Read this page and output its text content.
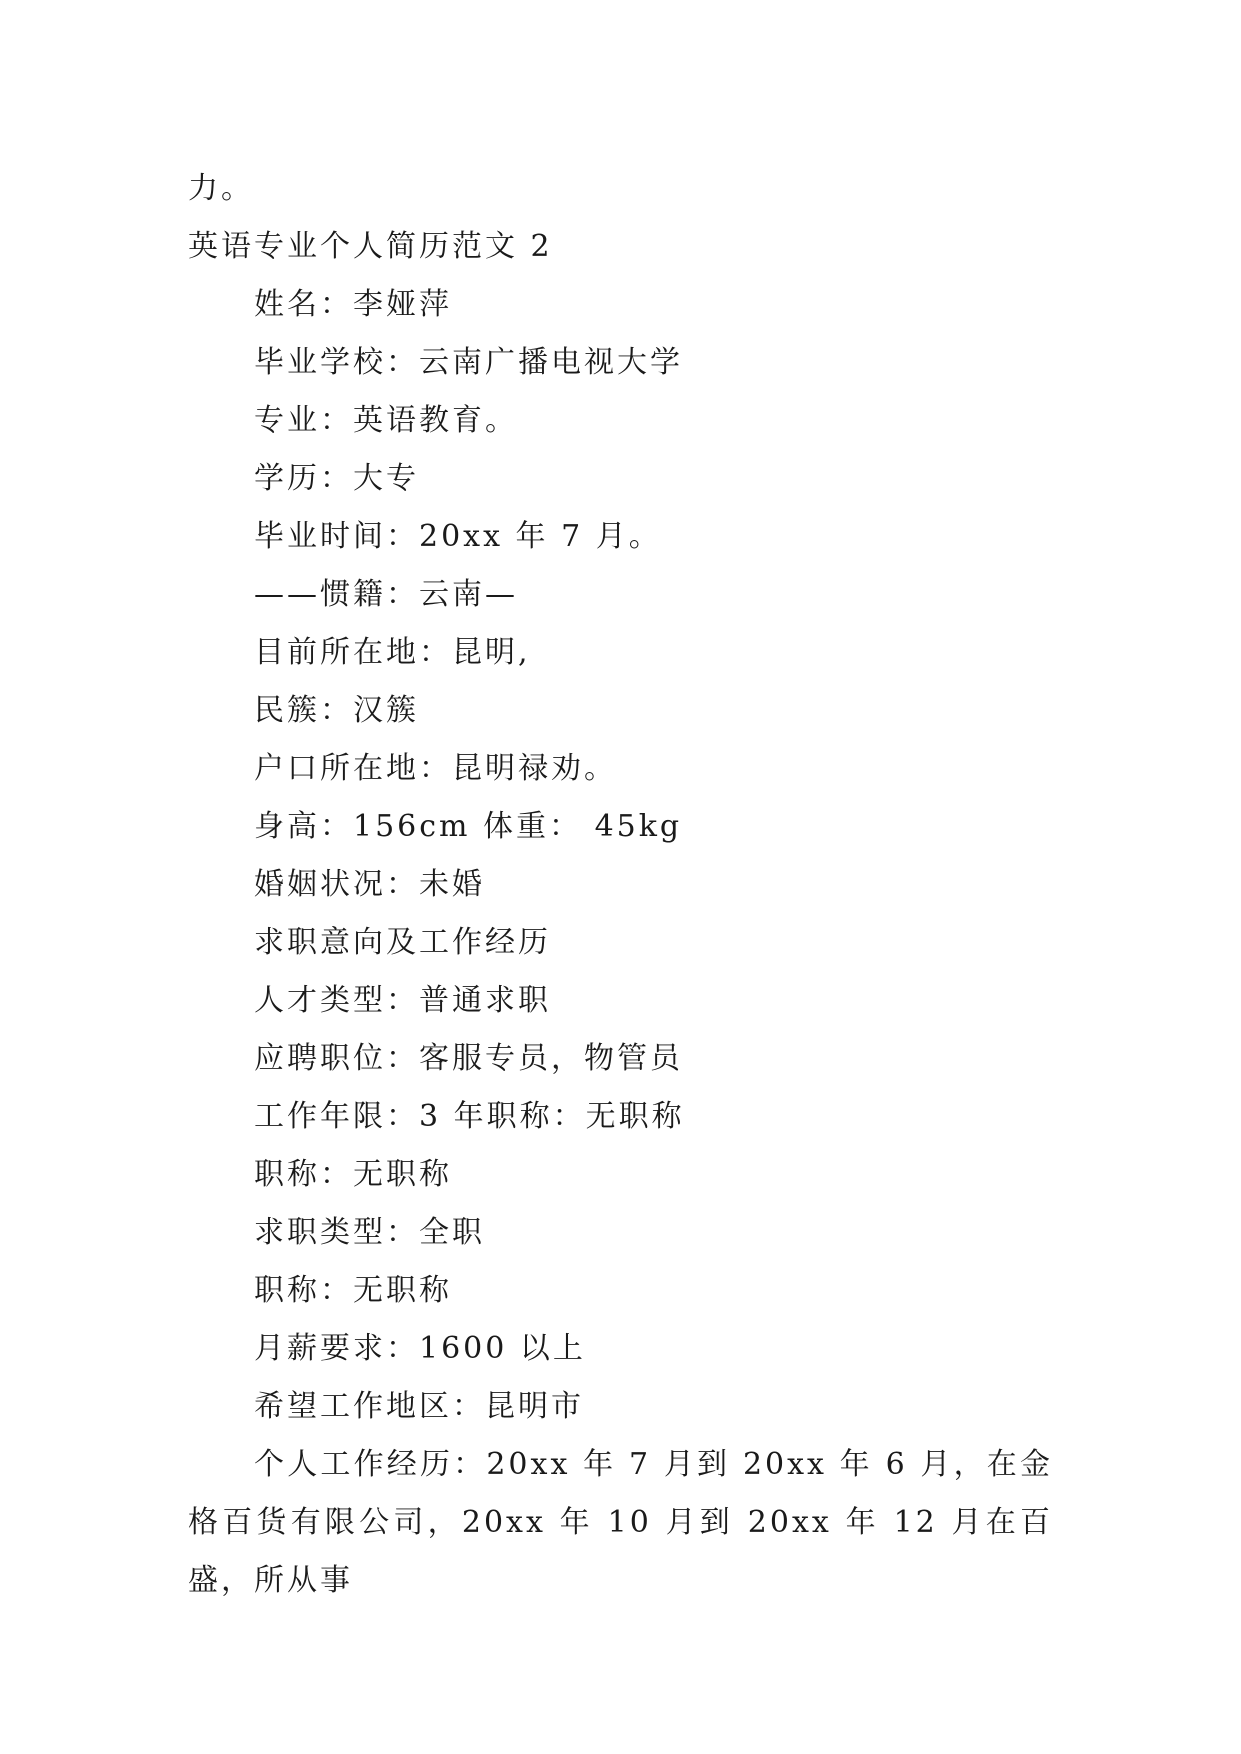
力。
英语专业个人简历范文 2
姓名：李娅萍
毕业学校：云南广播电视大学
专业：英语教育。
学历：大专
毕业时间：20xx 年 7 月。
——惯籍：云南—
目前所在地：昆明,
民簇：汉簇
户口所在地：昆明禄劝。
身高：156cm 体重： 45kg
婚姻状况：未婚
求职意向及工作经历
人才类型：普通求职
应聘职位：客服专员，物管员
工作年限：3 年职称：无职称
职称：无职称
求职类型：全职
职称：无职称
月薪要求：1600 以上
希望工作地区：昆明市
个人工作经历：20xx 年 7 月到 20xx 年 6 月，在金格百货有限公司，20xx 年 10 月到 20xx 年 12 月在百盛，所从事
